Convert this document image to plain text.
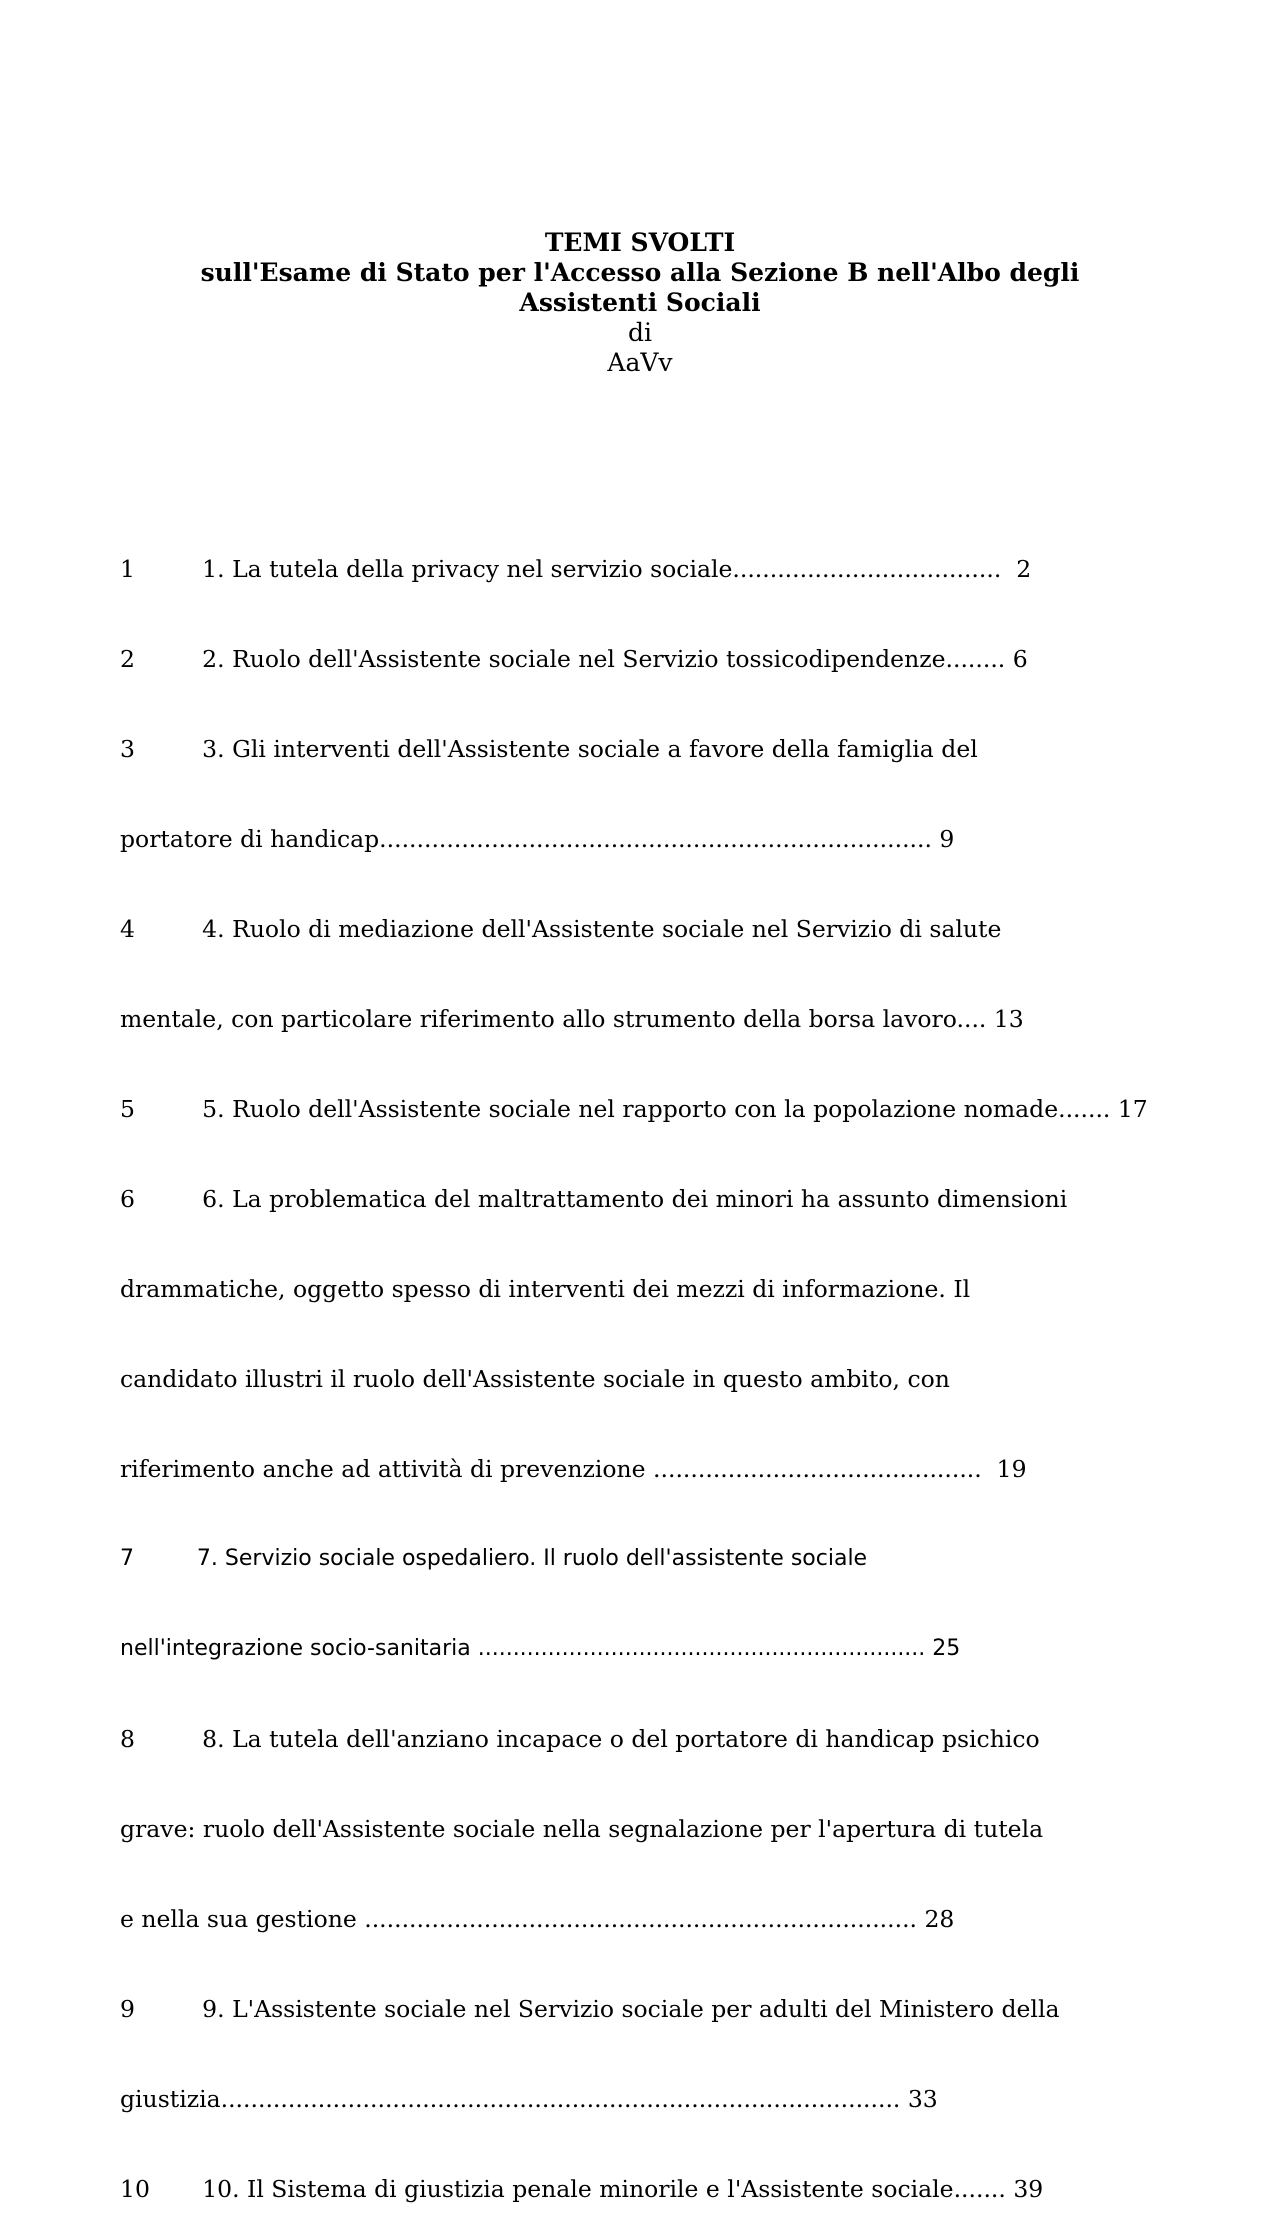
TEMI SVOLTI
sull'Esame di Stato per l'Accesso alla Sezione B nell'Albo degli
Assistenti Sociali
di
AaVv

1         1. La tutela della privacy nel servizio sociale....................................  2

2         2. Ruolo dell'Assistente sociale nel Servizio tossicodipendenze........ 6

3         3. Gli interventi dell'Assistente sociale a favore della famiglia del

portatore di handicap.......................................................................... 9

4         4. Ruolo di mediazione dell'Assistente sociale nel Servizio di salute

mentale, con particolare riferimento allo strumento della borsa lavoro.... 13

5         5. Ruolo dell'Assistente sociale nel rapporto con la popolazione nomade....... 17

6         6. La problematica del maltrattamento dei minori ha assunto dimensioni

drammatiche, oggetto spesso di interventi dei mezzi di informazione. Il

candidato illustri il ruolo dell'Assistente sociale in questo ambito, con

riferimento anche ad attività di prevenzione ............................................  19

7         7. Servizio sociale ospedaliero. Il ruolo dell'assistente sociale

nell'integrazione socio-sanitaria ................................................................ 25

8         8. La tutela dell'anziano incapace o del portatore di handicap psichico

grave: ruolo dell'Assistente sociale nella segnalazione per l'apertura di tutela

e nella sua gestione .......................................................................... 28

9         9. L'Assistente sociale nel Servizio sociale per adulti del Ministero della

giustizia........................................................................................... 33

10       10. Il Sistema di giustizia penale minorile e l'Assistente sociale....... 39
